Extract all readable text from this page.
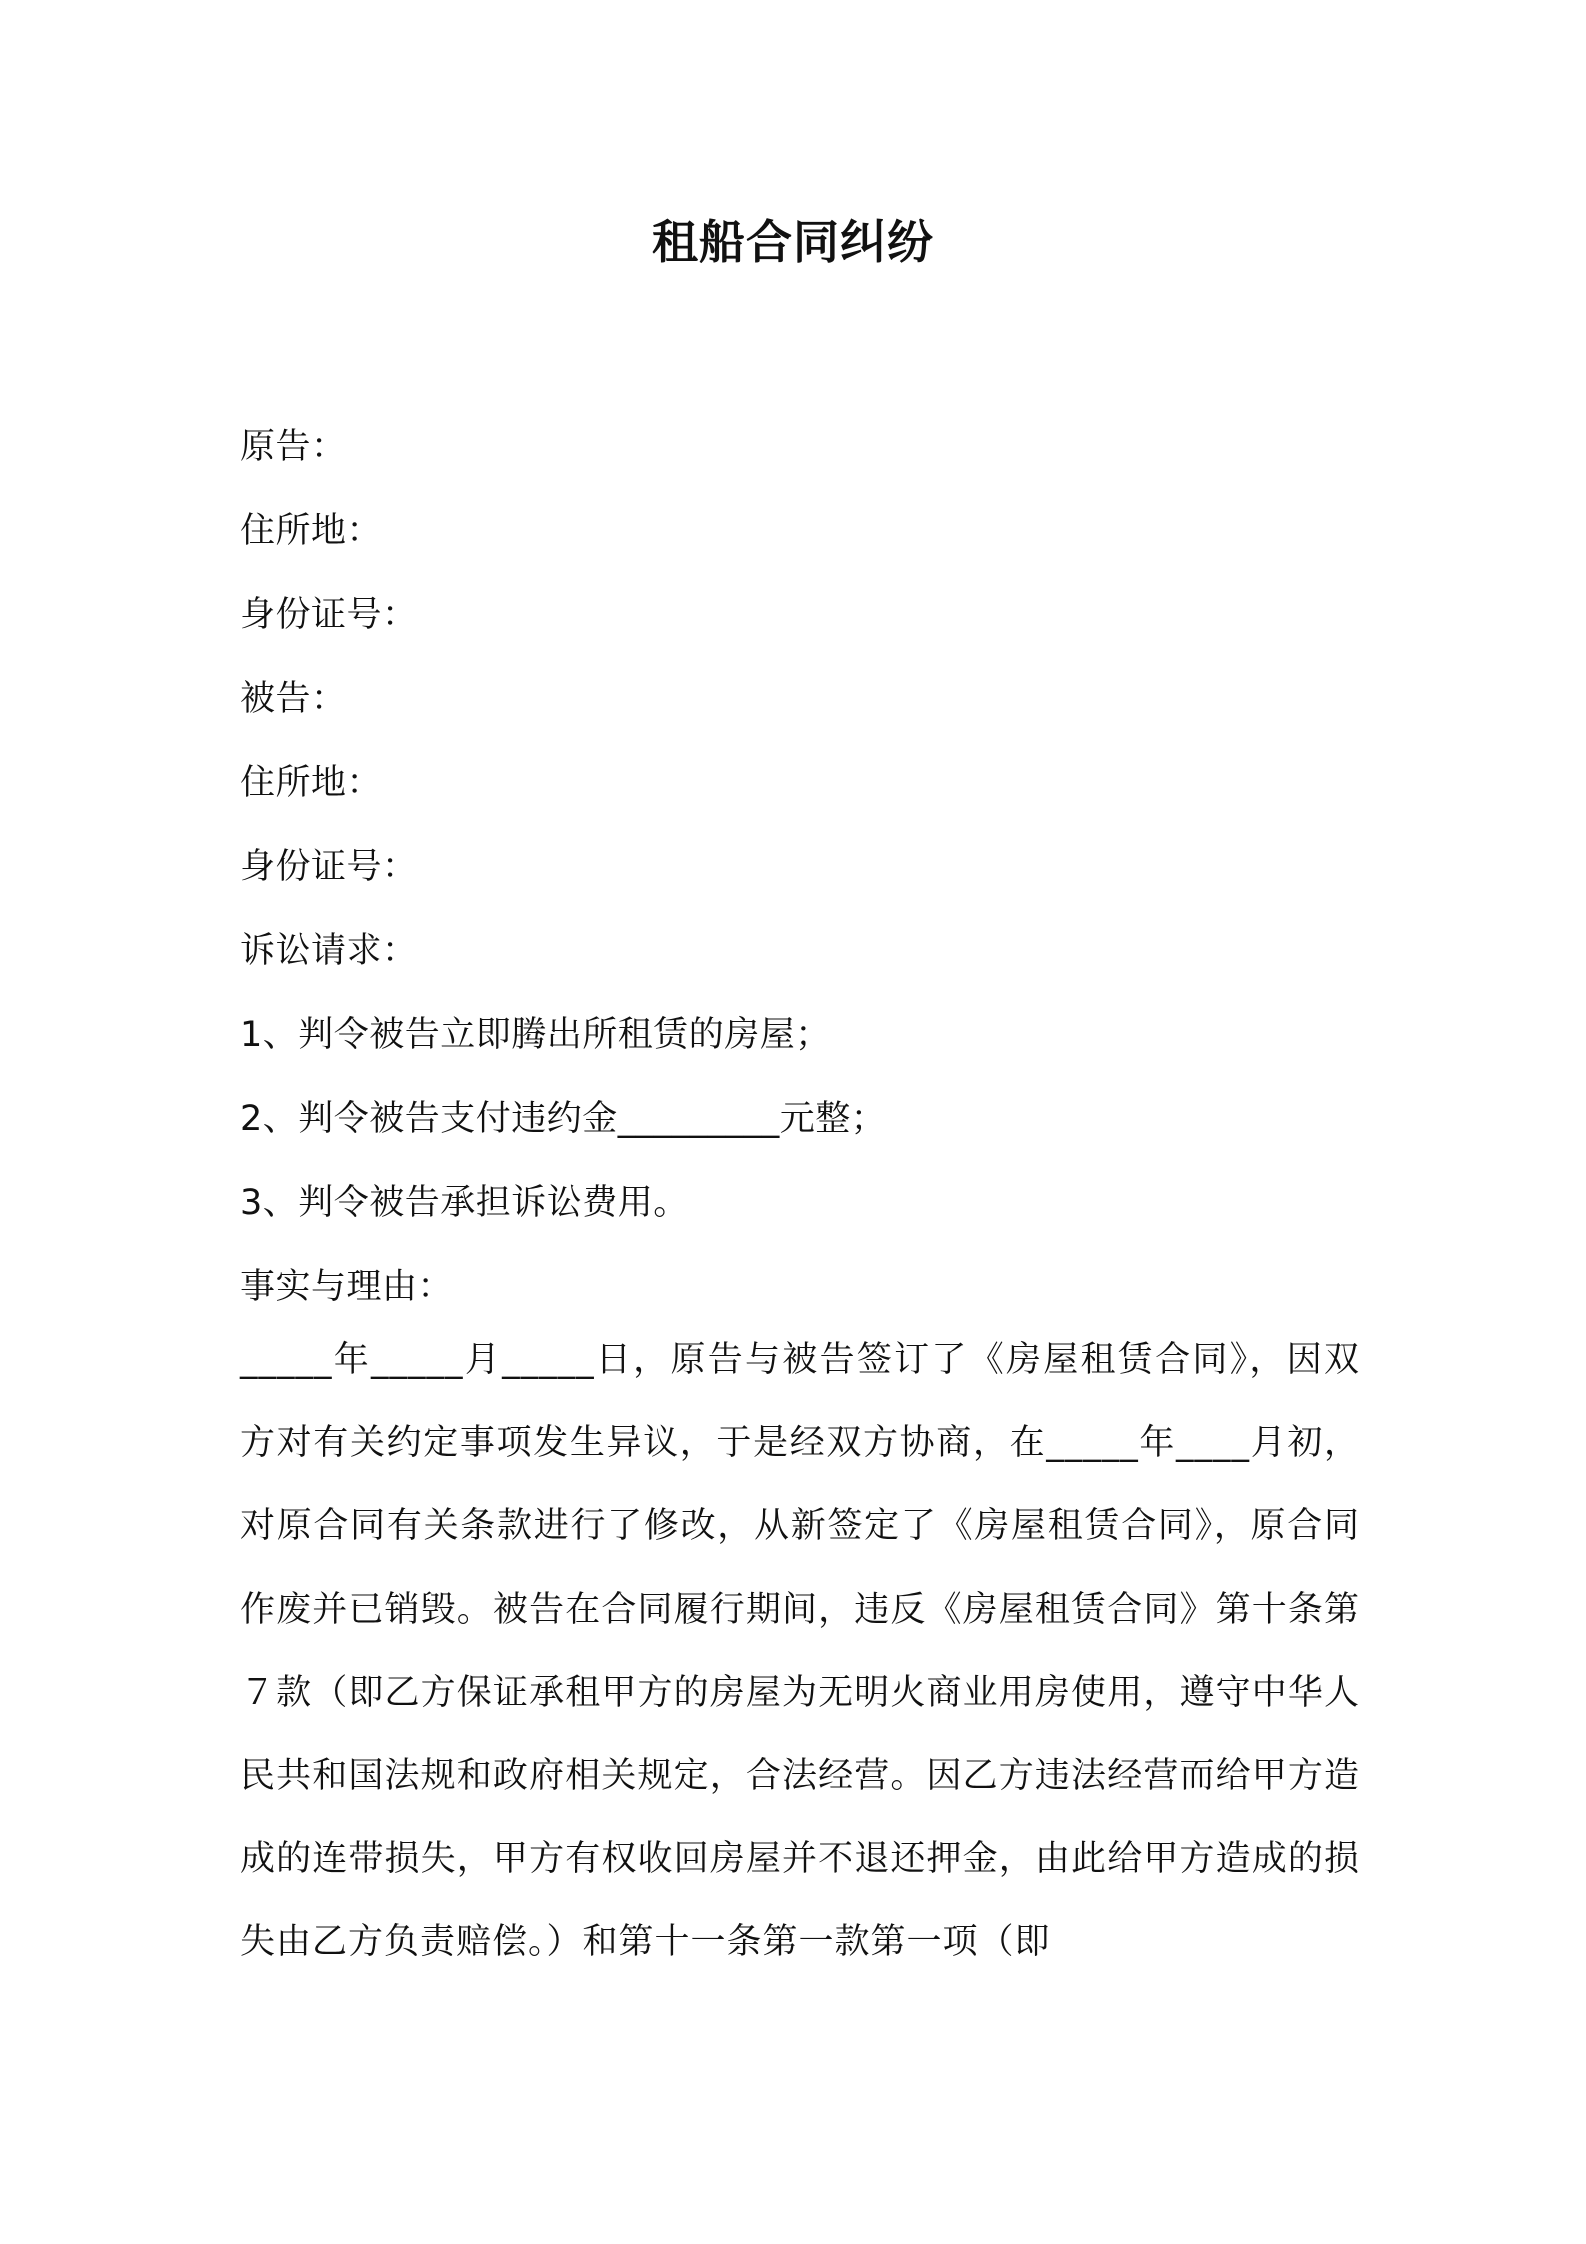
租船合同纠纷
原告：
住所地：
身份证号：
被告：
住所地：
身份证号：
诉讼请求：
1、判令被告立即腾出所租赁的房屋；
2、判令被告支付违约金_________元整；
3、判令被告承担诉讼费用。
事实与理由：

_____年_____月_____日，原告与被告签订了《房屋租赁合同》，因双方对有关约定事项发生异议，于是经双方协商，在_____年____月初，对原合同有关条款进行了修改，从新签定了《房屋租赁合同》，原合同作废并已销毁。被告在合同履行期间，违反《房屋租赁合同》第十条第７款（即乙方保证承租甲方的房屋为无明火商业用房使用，遵守中华人民共和国法规和政府相关规定，合法经营。因乙方违法经营而给甲方造成的连带损失，甲方有权收回房屋并不退还押金，由此给甲方造成的损失由乙方负责赔偿。）和第十一条第一款第一项（即
